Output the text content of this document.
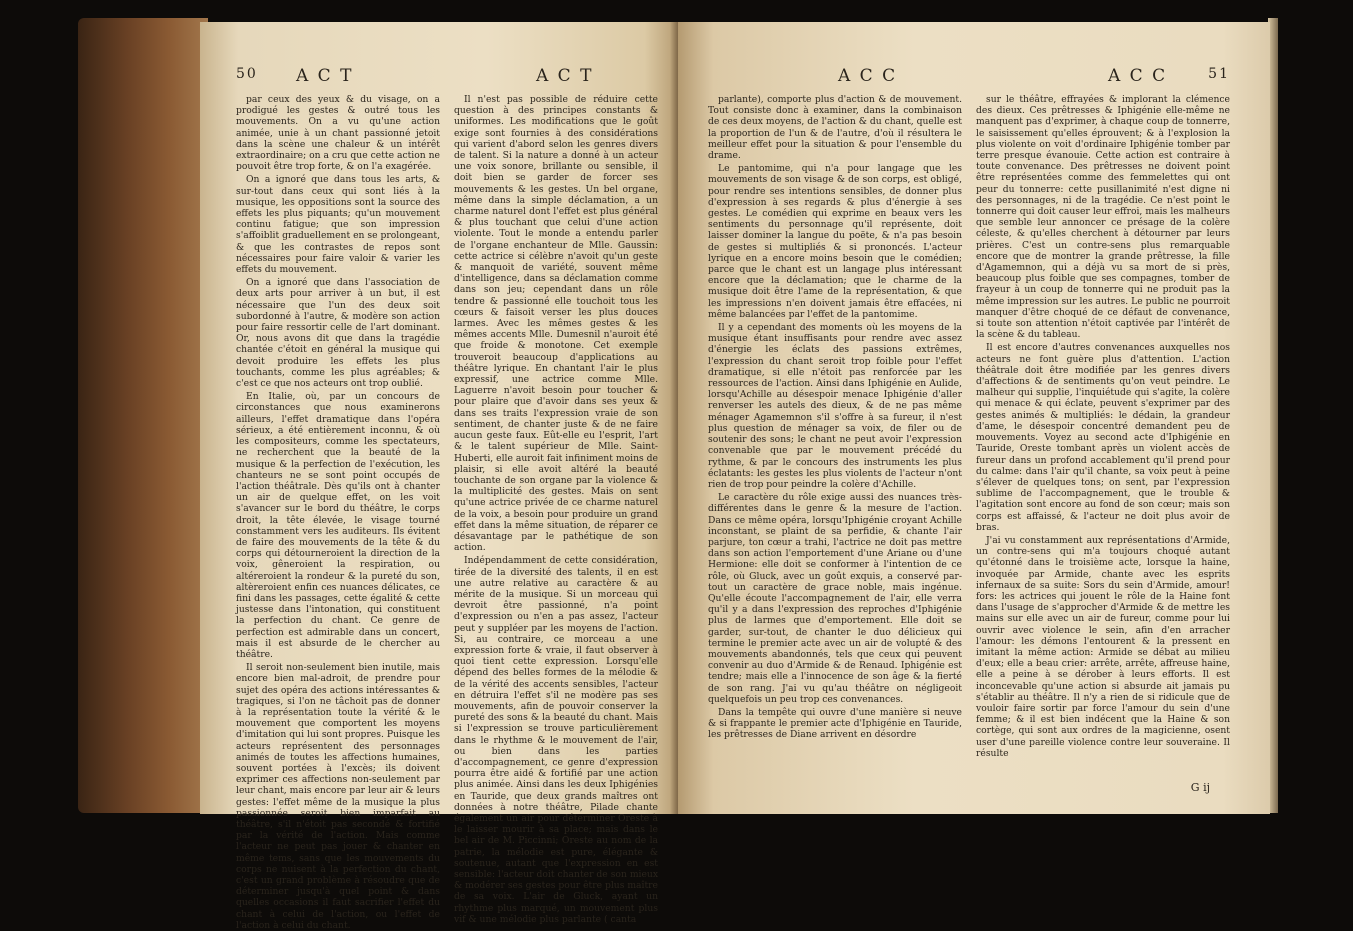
50 A C T	A C T

par ceux des yeux & du visage, on a prodigué les gestes & outré tous les mouvements. On a vu qu'une action animée, unie à un chant passionné jetoit dans la scène une chaleur & un intérêt extraordinaire; on a cru que cette action ne pouvoit être trop forte, & on l'a exagérée.

On a ignoré que dans tous les arts, & sur-tout dans ceux qui sont liés à la musique, les oppositions sont la source des effets les plus piquants; qu'un mouvement continu fatigue; que son impression s'affoiblit graduellement en se prolongeant, & que les contrastes de repos sont nécessaires pour faire valoir & varier les effets du mouvement.

On a ignoré que dans l'association de deux arts pour arriver à un but, il est nécessaire que l'un des deux soit subordonné à l'autre, & modère son action pour faire ressortir celle de l'art dominant. Or, nous avons dit que dans la tragédie chantée c'étoit en général la musique qui devoit produire les effets les plus touchants, comme les plus agréables; & c'est ce que nos acteurs ont trop oublié.

En Italie, où, par un concours de circonstances que nous examinerons ailleurs, l'effet dramatique dans l'opéra sérieux, a été entièrement inconnu, & où les compositeurs, comme les spectateurs, ne recherchent que la beauté de la musique & la perfection de l'exécution, les chanteurs ne se sont point occupés de l'action théâtrale. Dès qu'ils ont à chanter un air de quelque effet, on les voit s'avancer sur le bord du théâtre, le corps droit, la tête élevée, le visage tourné constamment vers les auditeurs. Ils évitent de faire des mouvements de la tête & du corps qui détourneroient la direction de la voix, gêneroient la respiration, ou altéreroient la rondeur & la pureté du son, altèreroient enfin ces nuances délicates, ce fini dans les passages, cette égalité & cette justesse dans l'intonation, qui constituent la perfection du chant. Ce genre de perfection est admirable dans un concert, mais il est absurde de le chercher au théâtre.

Il seroit non-seulement bien inutile, mais encore bien mal-adroit, de prendre pour sujet des opéra des actions intéressantes & tragiques, si l'on ne tâchoit pas de donner à la représentation toute la vérité & le mouvement que comportent les moyens d'imitation qui lui sont propres. Puisque les acteurs représentent des personnages animés de toutes les affections humaines, souvent portées à l'excès; ils doivent exprimer ces affections non-seulement par leur chant, mais encore par leur air & leurs gestes: l'effet même de la musique la plus passionnée seroit bien imparfait au théâtre, s'il n'étoit pas secondé & fortifié par la vérité de l'action. Mais comme l'acteur ne peut pas jouer & chanter en même tems, sans que les mouvements du corps ne nuisent à la perfection du chant, c'est un grand problème à résoudre que de déterminer jusqu'à quel point & dans quelles occasions il faut sacrifier l'effet du chant à celui de l'action, ou l'effet de l'action à celui du chant.

Il n'est pas possible de réduire cette question à des principes constants & uniformes. Les modifications que le goût exige sont fournies à des considérations qui varient d'abord selon les genres divers de talent. Si la nature a donné à un acteur une voix sonore, brillante ou sensible, il doit bien se garder de forcer ses mouvements & les gestes. Un bel organe, même dans la simple déclamation, a un charme naturel dont l'effet est plus général & plus touchant que celui d'une action violente. Tout le monde a entendu parler de l'organe enchanteur de Mlle. Gaussin: cette actrice si célèbre n'avoit qu'un geste & manquoit de variété, souvent même d'intelligence, dans sa déclamation comme dans son jeu; cependant dans un rôle tendre & passionné elle touchoit tous les cœurs & faisoit verser les plus douces larmes. Avec les mêmes gestes & les mêmes accents Mlle. Dumesnil n'auroit été que froide & monotone. Cet exemple trouveroit beaucoup d'applications au théâtre lyrique. En chantant l'air le plus expressif, une actrice comme Mlle. Laguerre n'avoit besoin pour toucher & pour plaire que d'avoir dans ses yeux & dans ses traits l'expression vraie de son sentiment, de chanter juste & de ne faire aucun geste faux. Eût-elle eu l'esprit, l'art & le talent supérieur de Mlle. Saint-Huberti, elle auroit fait infiniment moins de plaisir, si elle avoit altéré la beauté touchante de son organe par la violence & la multiplicité des gestes. Mais on sent qu'une actrice privée de ce charme naturel de la voix, a besoin pour produire un grand effet dans la même situation, de réparer ce désavantage par le pathétique de son action.

Indépendamment de cette considération, tirée de la diversité des talents, il en est une autre relative au caractère & au mérite de la musique. Si un morceau qui devroit être passionné, n'a point d'expression ou n'en a pas assez, l'acteur peut y suppléer par les moyens de l'action. Si, au contraire, ce morceau a une expression forte & vraie, il faut observer à quoi tient cette expression. Lorsqu'elle dépend des belles formes de la mélodie & de la vérité des accents sensibles, l'acteur en détruira l'effet s'il ne modère pas ses mouvements, afin de pouvoir conserver la pureté des sons & la beauté du chant. Mais si l'expression se trouve particulièrement dans le rhythme & le mouvement de l'air, ou bien dans les parties d'accompagnement, ce genre d'expression pourra être aidé & fortifié par une action plus animée. Ainsi dans les deux Iphigénies en Tauride, que deux grands maîtres ont données à notre théâtre, Pilade chante également un air pour déterminer Oreste à le laisser mourir à sa place; mais dans le bel air de M. Piccinni; Oreste au nom de la patrie, la mélodie est pure, élégante & soutenue, autant que l'expression en est sensible: l'acteur doit chanter de son mieux & modérer ses gestes pour être plus maître de sa voix. L'air de Gluck, ayant un rhythme plus marqué, un mouvement plus vif & une mélodie plus parlante ( canta

A C C	A C C	51

parlante), comporte plus d'action & de mouvement. Tout consiste donc à examiner, dans la combinaison de ces deux moyens, de l'action & du chant, quelle est la proportion de l'un & de l'autre, d'où il résultera le meilleur effet pour la situation & pour l'ensemble du drame.

Le pantomime, qui n'a pour langage que les mouvements de son visage & de son corps, est obligé, pour rendre ses intentions sensibles, de donner plus d'expression à ses regards & plus d'énergie à ses gestes. Le comédien qui exprime en beaux vers les sentiments du personnage qu'il représente, doit laisser dominer la langue du poëte, & n'a pas besoin de gestes si multipliés & si prononcés. L'acteur lyrique en a encore moins besoin que le comédien; parce que le chant est un langage plus intéressant encore que la déclamation; que le charme de la musique doit être l'ame de la représentation, & que les impressions n'en doivent jamais être effacées, ni même balancées par l'effet de la pantomime.

Il y a cependant des moments où les moyens de la musique étant insuffisants pour rendre avec assez d'énergie les éclats des passions extrêmes, l'expression du chant seroit trop foible pour l'effet dramatique, si elle n'étoit pas renforcée par les ressources de l'action. Ainsi dans Iphigénie en Aulide, lorsqu'Achille au désespoir menace Iphigénie d'aller renverser les autels des dieux, & de ne pas même ménager Agamemnon s'il s'offre à sa fureur, il n'est plus question de ménager sa voix, de filer ou de soutenir des sons; le chant ne peut avoir l'expression convenable que par le mouvement précédé du rythme, & par le concours des instruments les plus éclatants: les gestes les plus violents de l'acteur n'ont rien de trop pour peindre la colère d'Achille.

Le caractère du rôle exige aussi des nuances très-différentes dans le genre & la mesure de l'action. Dans ce même opéra, lorsqu'Iphigénie croyant Achille inconstant, se plaint de sa perfidie, & chante l'air parjure, ton cœur a trahi, l'actrice ne doit pas mettre dans son action l'emportement d'une Ariane ou d'une Hermione: elle doit se conformer à l'intention de ce rôle, où Gluck, avec un goût exquis, a conservé par-tout un caractère de grace noble, mais ingénue. Qu'elle écoute l'accompagnement de l'air, elle verra qu'il y a dans l'expression des reproches d'Iphigénie plus de larmes que d'emportement. Elle doit se garder, sur-tout, de chanter le duo délicieux qui termine le premier acte avec un air de volupté & des mouvements abandonnés, tels que ceux qui peuvent convenir au duo d'Armide & de Renaud. Iphigénie est tendre; mais elle a l'innocence de son âge & la fierté de son rang. J'ai vu qu'au théâtre on négligeoit quelquefois un peu trop ces convenances.

Dans la tempête qui ouvre d'une manière si neuve & si frappante le premier acte d'Iphigénie en Tauride, les prêtresses de Diane arrivent en désordre

sur le théâtre, effrayées & implorant la clémence des dieux. Ces prêtresses & Iphigénie elle-même ne manquent pas d'exprimer, à chaque coup de tonnerre, le saisissement qu'elles éprouvent; & à l'explosion la plus violente on voit d'ordinaire Iphigénie tomber par terre presque évanouie. Cette action est contraire à toute convenance. Des prêtresses ne doivent point être représentées comme des femmelettes qui ont peur du tonnerre: cette pusillanimité n'est digne ni des personnages, ni de la tragédie. Ce n'est point le tonnerre qui doit causer leur effroi, mais les malheurs que semble leur annoncer ce présage de la colère céleste, & qu'elles cherchent à détourner par leurs prières. C'est un contre-sens plus remarquable encore que de montrer la grande prêtresse, la fille d'Agamemnon, qui a déjà vu sa mort de si près, beaucoup plus foible que ses compagnes, tomber de frayeur à un coup de tonnerre qui ne produit pas la même impression sur les autres. Le public ne pourroit manquer d'être choqué de ce défaut de convenance, si toute son attention n'étoit captivée par l'intérêt de la scène & du tableau.

Il est encore d'autres convenances auxquelles nos acteurs ne font guère plus d'attention. L'action théâtrale doit être modifiée par les genres divers d'affections & de sentiments qu'on veut peindre. Le malheur qui supplie, l'inquiétude qui s'agite, la colère qui menace & qui éclate, peuvent s'exprimer par des gestes animés & multipliés: le dédain, la grandeur d'ame, le désespoir concentré demandent peu de mouvements. Voyez au second acte d'Iphigénie en Tauride, Oreste tombant après un violent accès de fureur dans un profond accablement qu'il prend pour du calme: dans l'air qu'il chante, sa voix peut à peine s'élever de quelques tons; on sent, par l'expression sublime de l'accompagnement, que le trouble & l'agitation sont encore au fond de son cœur; mais son corps est affaissé, & l'acteur ne doit plus avoir de bras.

J'ai vu constamment aux représentations d'Armide, un contre-sens qui m'a toujours choqué autant qu'étonné dans le troisième acte, lorsque la haine, invoquée par Armide, chante avec les esprits infernaux de sa suite: Sors du sein d'Armide, amour! fors: les actrices qui jouent le rôle de la Haine font dans l'usage de s'approcher d'Armide & de mettre les mains sur elle avec un air de fureur, comme pour lui ouvrir avec violence le sein, afin d'en arracher l'amour: les démons l'entourent & la pressent en imitant la même action: Armide se débat au milieu d'eux; elle a beau crier: arrête, arrête, affreuse haine, elle a peine à se dérober à leurs efforts. Il est inconcevable qu'une action si absurde ait jamais pu s'établir au théâtre. Il n'y a rien de si ridicule que de vouloir faire sortir par force l'amour du sein d'une femme; & il est bien indécent que la Haine & son cortège, qui sont aux ordres de la magicienne, osent user d'une pareille violence contre leur souveraine. Il résulte

G ij
